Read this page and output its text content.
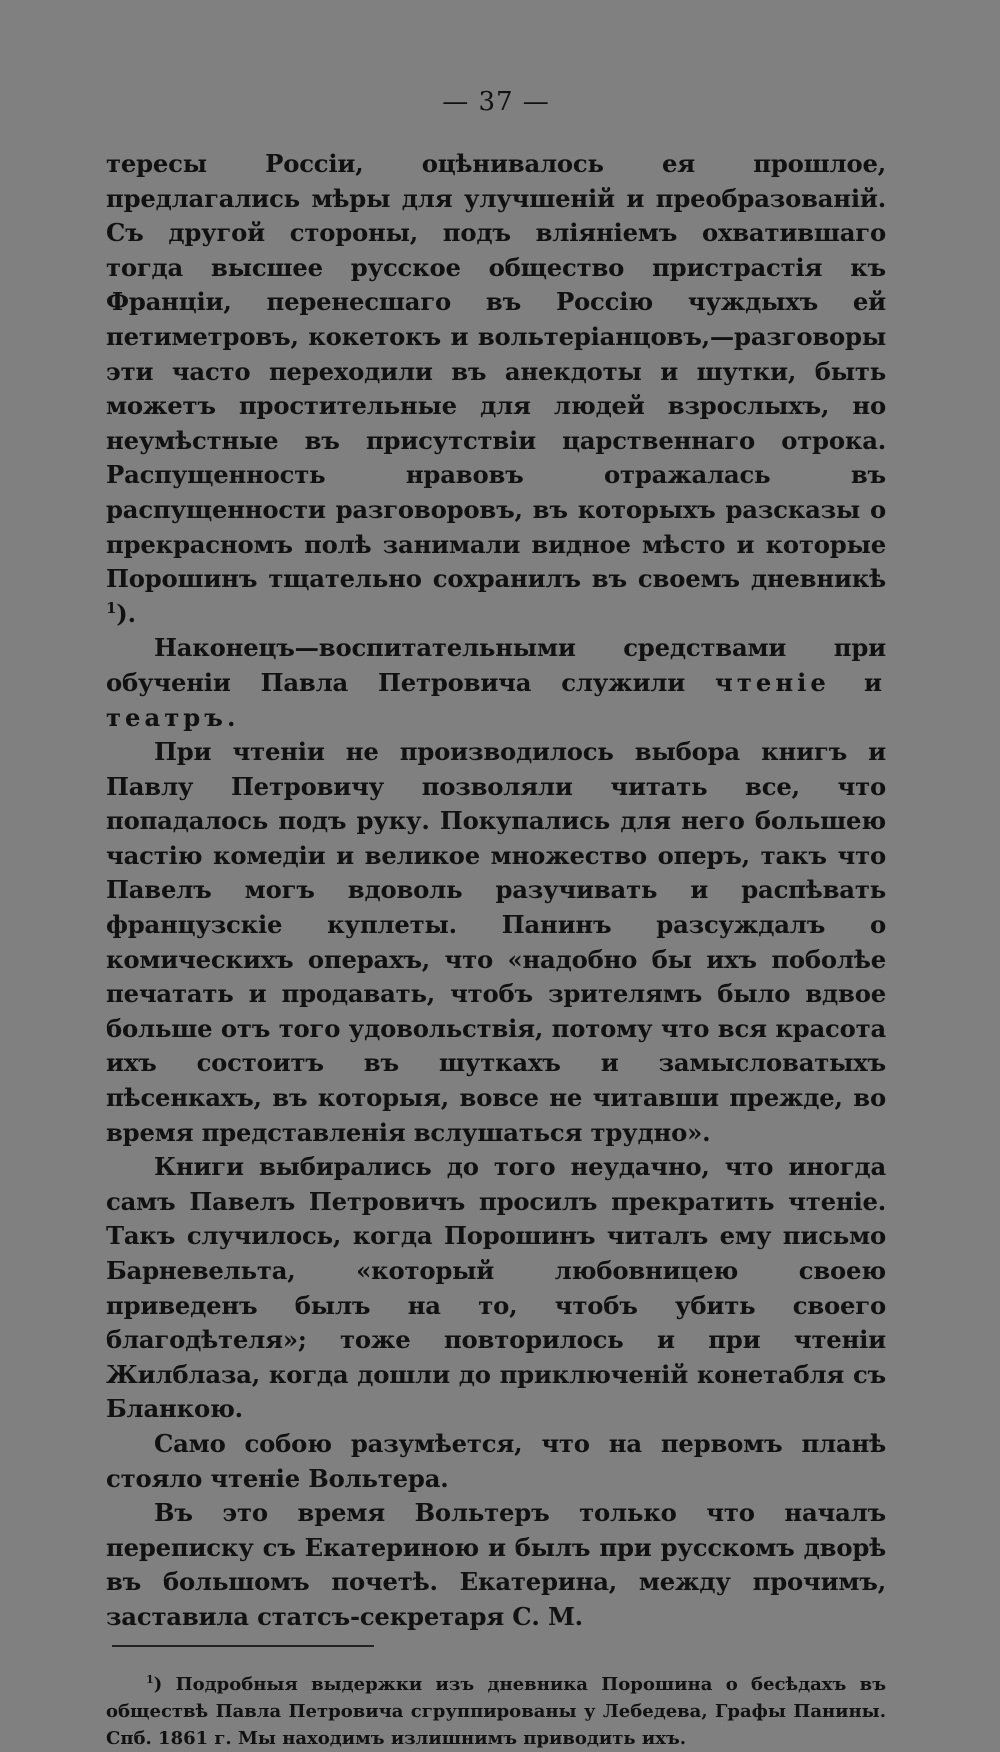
— 37 —

тересы Россіи, оцѣнивалось ея прошлое, предлагались мѣры для улучшеній и преобразованій. Съ другой стороны, подъ вліяніемъ охватившаго тогда высшее русское общество пристрастія къ Франціи, перенесшаго въ Россію чуждыхъ ей петиметровъ, кокетокъ и вольтеріанцовъ,—разговоры эти часто переходили въ анекдоты и шутки, быть можетъ простительные для людей взрослыхъ, но неумѣстные въ присутствіи царственнаго отрока. Распущенность нравовъ отражалась въ распущенности разговоровъ, въ которыхъ разсказы о прекрасномъ полѣ занимали видное мѣсто и которые Порошинъ тщательно сохранилъ въ своемъ дневникѣ $^1$).

Наконецъ—воспитательными средствами при обученіи Павла Петровича служили чтеніе и театръ.

При чтеніи не производилось выбора книгъ и Павлу Петровичу позволяли читать все, что попадалось подъ руку. Покупались для него большею частію комедіи и великое множество оперъ, такъ что Павелъ могъ вдоволь разучивать и распѣвать французскіе куплеты. Панинъ разсуждалъ о комическихъ операхъ, что «надобно бы ихъ поболѣе печатать и продавать, чтобъ зрителямъ было вдвое больше отъ того удовольствія, потому что вся красота ихъ состоитъ въ шуткахъ и замысловатыхъ пѣсенкахъ, въ которыя, вовсе не читавши прежде, во время представленія вслушаться трудно».

Книги выбирались до того неудачно, что иногда самъ Павелъ Петровичъ просилъ прекратить чтеніе. Такъ случилось, когда Порошинъ читалъ ему письмо Барневельта, «который любовницею своею приведенъ былъ на то, чтобъ убить своего благодѣтеля»; тоже повторилось и при чтеніи Жилблаза, когда дошли до приключеній конетабля съ Бланкою.

Само собою разумѣется, что на первомъ планѣ стояло чтеніе Вольтера.

Въ это время Вольтеръ только что началъ переписку съ Екатериною и былъ при русскомъ дворѣ въ большомъ почетѣ. Екатерина, между прочимъ, заставила статсъ-секретаря С. М.

$^1$) Подробныя выдержки изъ дневника Порошина о бесѣдахъ въ обществѣ Павла Петровича сгруппированы у Лебедева, Графы Панины. Спб. 1861 г. Мы находимъ излишнимъ приводить ихъ.
